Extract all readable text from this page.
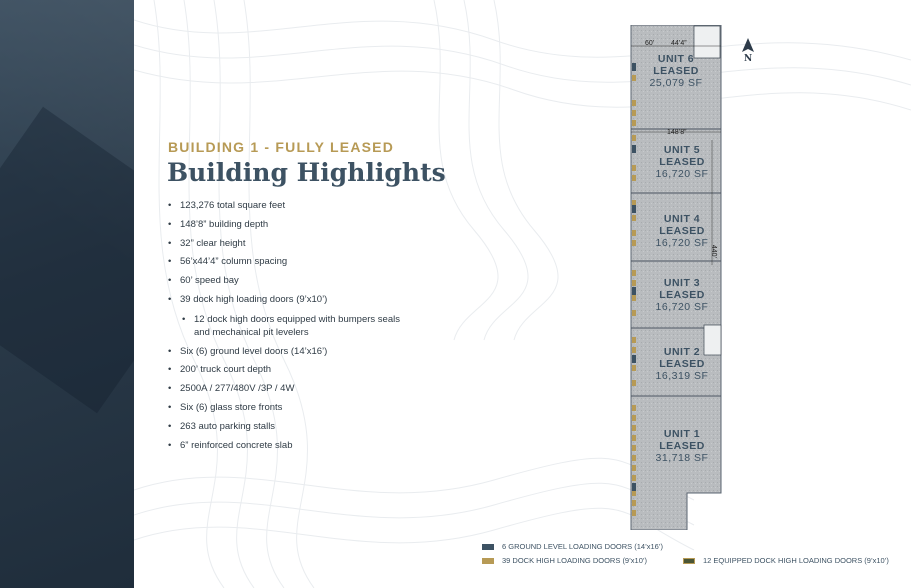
BUILDING 1 - FULLY LEASED
Building Highlights
• 123,276 total square feet
• 148’8” building depth
• 32” clear height
• 56’x44’4” column spacing
• 60’ speed bay
• 39 dock high loading doors (9’x10’)
• 12 dock high doors equipped with bumpers seals and mechanical pit levelers
• Six (6) ground level doors (14’x16’)
• 200’ truck court depth
• 2500A / 277/480V /3P / 4W
• Six (6) glass store fronts
• 263 auto parking stalls
• 6” reinforced concrete slab
60’ 44’4”
148’8”
440’
UNIT 6
LEASED
25,079 SF
UNIT 5
LEASED
16,720 SF
UNIT 4
LEASED
16,720 SF
UNIT 3
LEASED
16,720 SF
UNIT 2
LEASED
16,319 SF
UNIT 1
LEASED
31,718 SF
N
6 GROUND LEVEL LOADING DOORS (14’x16’)
39 DOCK HIGH LOADING DOORS (9’x10’)	12 EQUIPPED DOCK HIGH LOADING DOORS (9’x10’)
